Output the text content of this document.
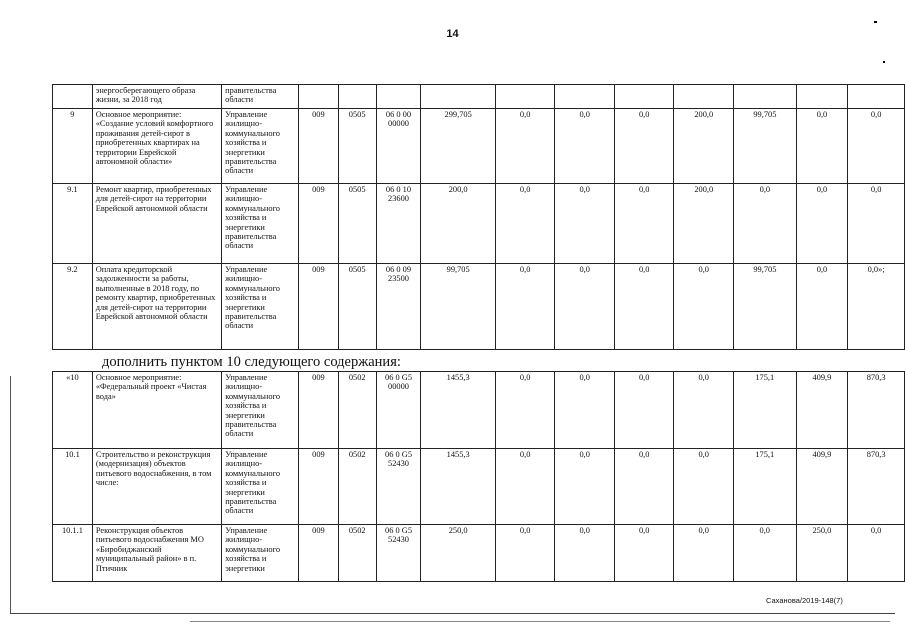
14
	энергосберегающего образа жизни, за 2018 год	правительства области											
9	Основное мероприятие: «Создание условий комфортного проживания детей-сирот в приобретенных квартирах на территории Еврейской автономной области»	Управление жилищно-коммунального хозяйства и энергетики правительства области	009	0505	06 0 00 00000	299,705	0,0	0,0	0,0	200,0	99,705	0,0	0,0
9.1	Ремонт квартир, приобретенных для детей-сирот на территории Еврейской автономной области	Управление жилищно-коммунального хозяйства и энергетики правительства области	009	0505	06 0 10 23600	200,0	0,0	0,0	0,0	200,0	0,0	0,0	0,0
9.2	Оплата кредиторской задолженности за работы, выполненные в 2018 году, по ремонту квартир, приобретенных для детей-сирот на территории Еврейской автономной области	Управление жилищно-коммунального хозяйства и энергетики правительства области	009	0505	06 0 09 23500	99,705	0,0	0,0	0,0	0,0	99,705	0,0	0,0»;
дополнить пунктом 10 следующего содержания:
«10	Основное мероприятие: «Федеральный проект «Чистая вода»	Управление жилищно-коммунального хозяйства и энергетики правительства области	009	0502	06 0 G5 00000	1455,3	0,0	0,0	0,0	0,0	175,1	409,9	870,3
10.1	Строительство и реконструкция (модернизация) объектов питьевого водоснабжения, в том числе:	Управление жилищно-коммунального хозяйства и энергетики правительства области	009	0502	06 0 G5 52430	1455,3	0,0	0,0	0,0	0,0	175,1	409,9	870,3
10.1.1	Реконструкция объектов питьевого водоснабжения МО «Биробиджанский муниципальный район» в п. Птичник	Управление жилищно-коммунального хозяйства и энергетики	009	0502	06 0 G5 52430	250,0	0,0	0,0	0,0	0,0	0,0	250,0	0,0
Саханова/2019-148(7)
